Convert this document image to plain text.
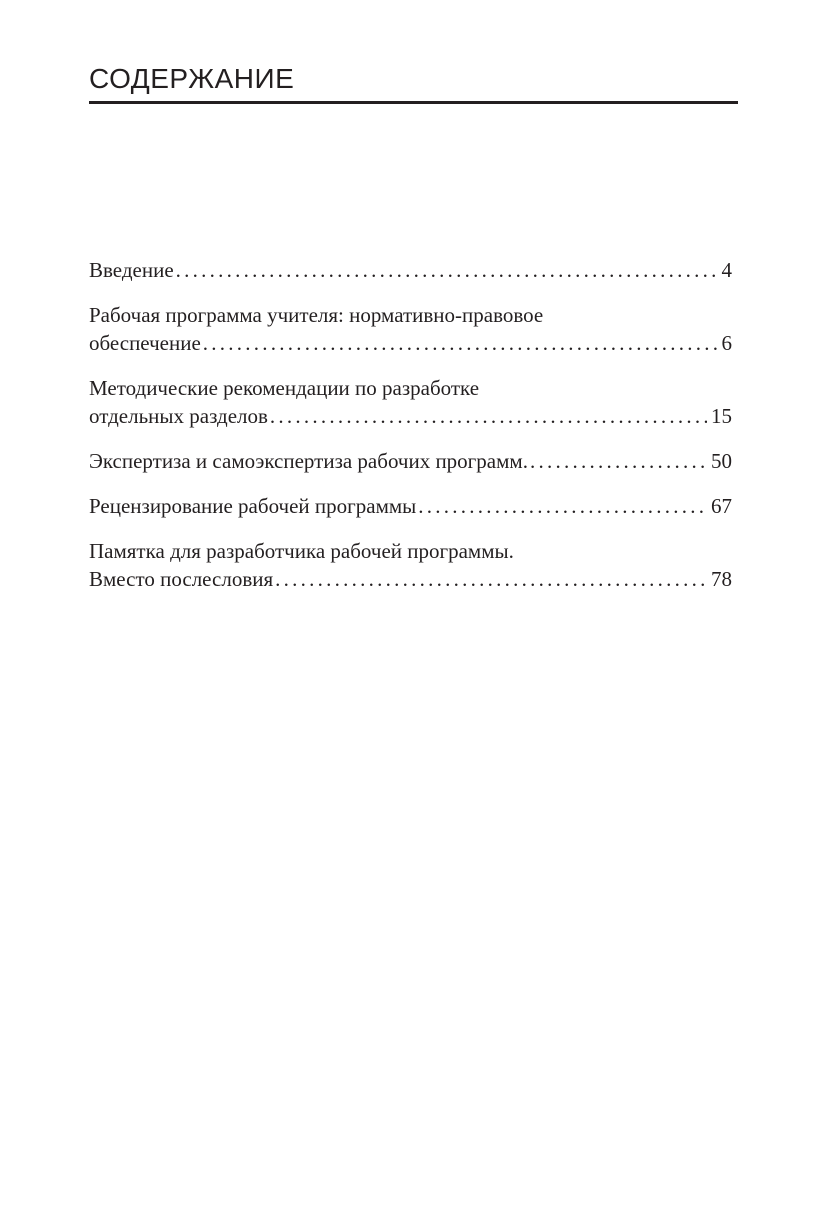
СОДЕРЖАНИЕ
Введение . . .	4
Рабочая программа учителя: нормативно-правовое
обеспечение . . .	6
Методические рекомендации по разработке
отдельных разделов . . .	15
Экспертиза и самоэкспертиза рабочих программ. . . .	50
Рецензирование рабочей программы . . .	67
Памятка для разработчика рабочей программы.
Вместо послесловия . . .	78
